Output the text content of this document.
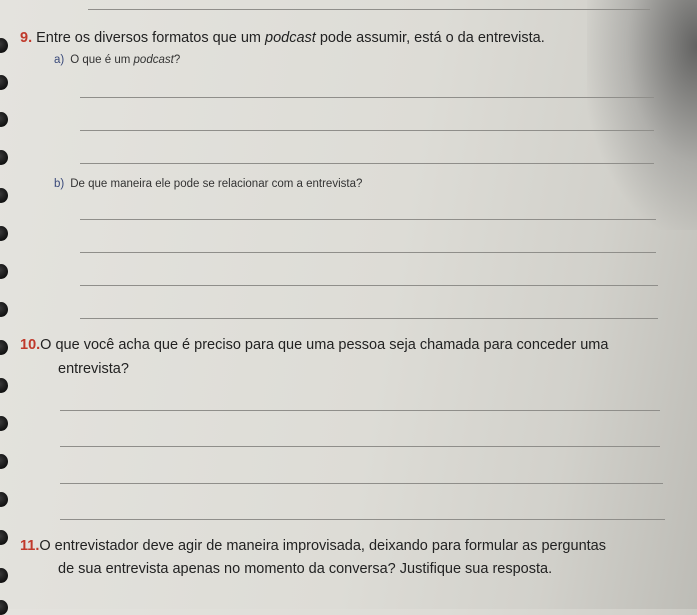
9. Entre os diversos formatos que um podcast pode assumir, está o da entrevista.
a) O que é um podcast?
b) De que maneira ele pode se relacionar com a entrevista?
10.O que você acha que é preciso para que uma pessoa seja chamada para conceder uma
entrevista?
11.O entrevistador deve agir de maneira improvisada, deixando para formular as perguntas
de sua entrevista apenas no momento da conversa? Justifique sua resposta.
